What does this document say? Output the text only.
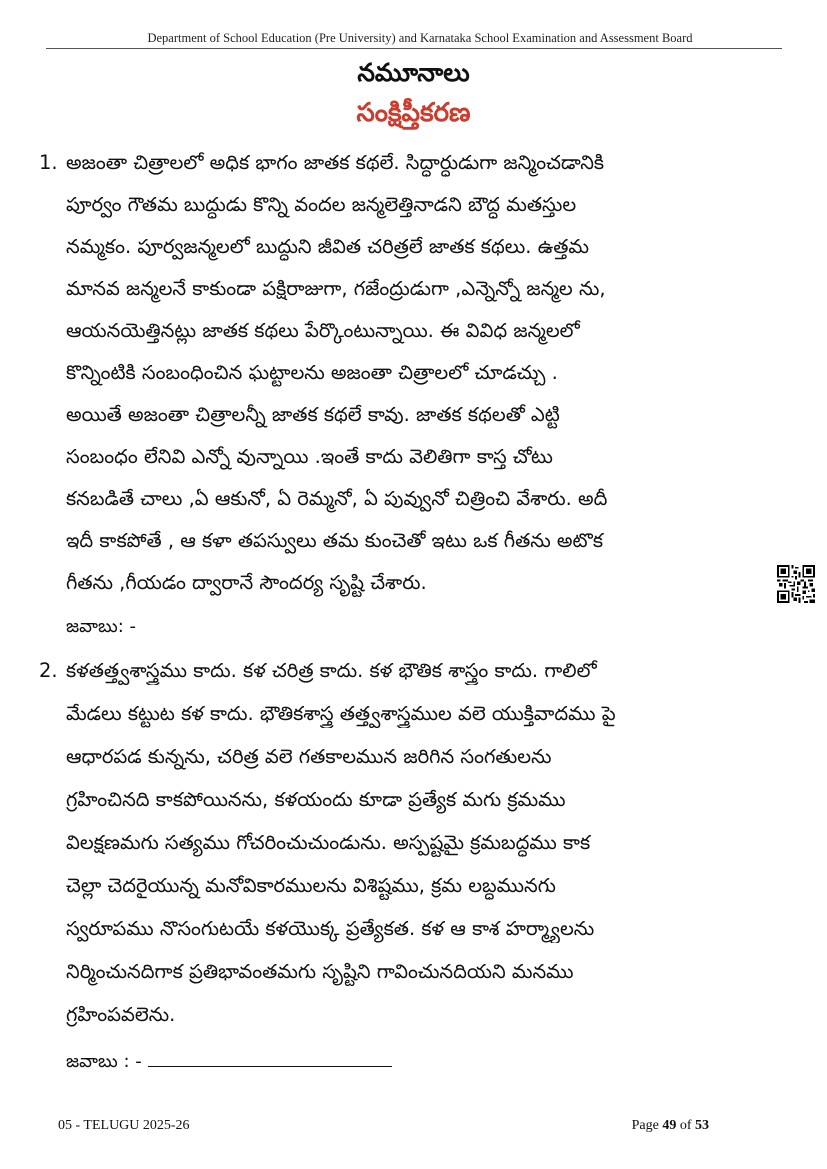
Department of School Education (Pre University) and Karnataka School Examination and Assessment Board
నమూనాలు
సంక్షిప్తీకరణ
1. అజంతా చిత్రాలలో అధిక భాగం జాతక కథలే. సిద్ధార్ధుడుగా జన్మించడానికి
పూర్వం గౌతమ బుద్ధుడు కొన్ని వందల జన్మలెత్తినాడని బౌద్ధ మతస్తుల
నమ్మకం. పూర్వజన్మలలో బుద్ధుని జీవిత చరిత్రలే జాతక కథలు. ఉత్తమ
మానవ జన్మలనే కాకుండా పక్షిరాజుగా, గజేంద్రుడుగా ,ఎన్నెన్నో జన్మల ను,
ఆయనయెత్తినట్లు జాతక కథలు పేర్కొంటున్నాయి. ఈ వివిధ జన్మలలో
కొన్నింటికి సంబంధించిన ఘట్టాలను అజంతా చిత్రాలలో చూడచ్చు .
అయితే అజంతా చిత్రాలన్నీ జాతక కథలే కావు. జాతక కథలతో ఎట్టి
సంబంధం లేనివి ఎన్నో వున్నాయి .ఇంతే కాదు వెలితిగా కాస్త చోటు
కనబడితే చాలు ,ఏ ఆకునో, ఏ రెమ్మనో, ఏ పువ్వునో చిత్రించి వేశారు. అదీ
ఇదీ కాకపోతే , ఆ కళా తపస్వులు తమ కుంచెతో ఇటు ఒక గీతను అటొక
గీతను ,గీయడం ద్వారానే సౌందర్య సృష్టి చేశారు.
జవాబు: -
2. కళతత్త్వశాస్త్రము కాదు. కళ చరిత్ర కాదు. కళ భౌతిక శాస్త్రం కాదు. గాలిలో
మేడలు కట్టుట కళ కాదు. భౌతికశాస్త్ర తత్త్వశాస్త్రముల వలె యుక్తివాదము పై
ఆధారపడ కున్నను, చరిత్ర వలె గతకాలమున జరిగిన సంగతులను
గ్రహించినది కాకపోయినను, కళయందు కూడా ప్రత్యేక మగు క్రమము
విలక్షణమగు సత్యము గోచరించుచుండును. అస్పష్టమై క్రమబద్ధము కాక
చెల్లా చెదరైయున్న మనోవికారములను విశిష్టము, క్రమ లబ్ధమునగు
స్వరూపము నొసంగుటయే కళయొక్క ప్రత్యేకత. కళ ఆ కాశ హర్మ్యాలను
నిర్మించునదిగాక ప్రతిభావంతమగు సృష్టిని గావించునదియని మనము
గ్రహింపవలెను.
జవాబు : -
05 - TELUGU 2025-26	Page 49 of 53
